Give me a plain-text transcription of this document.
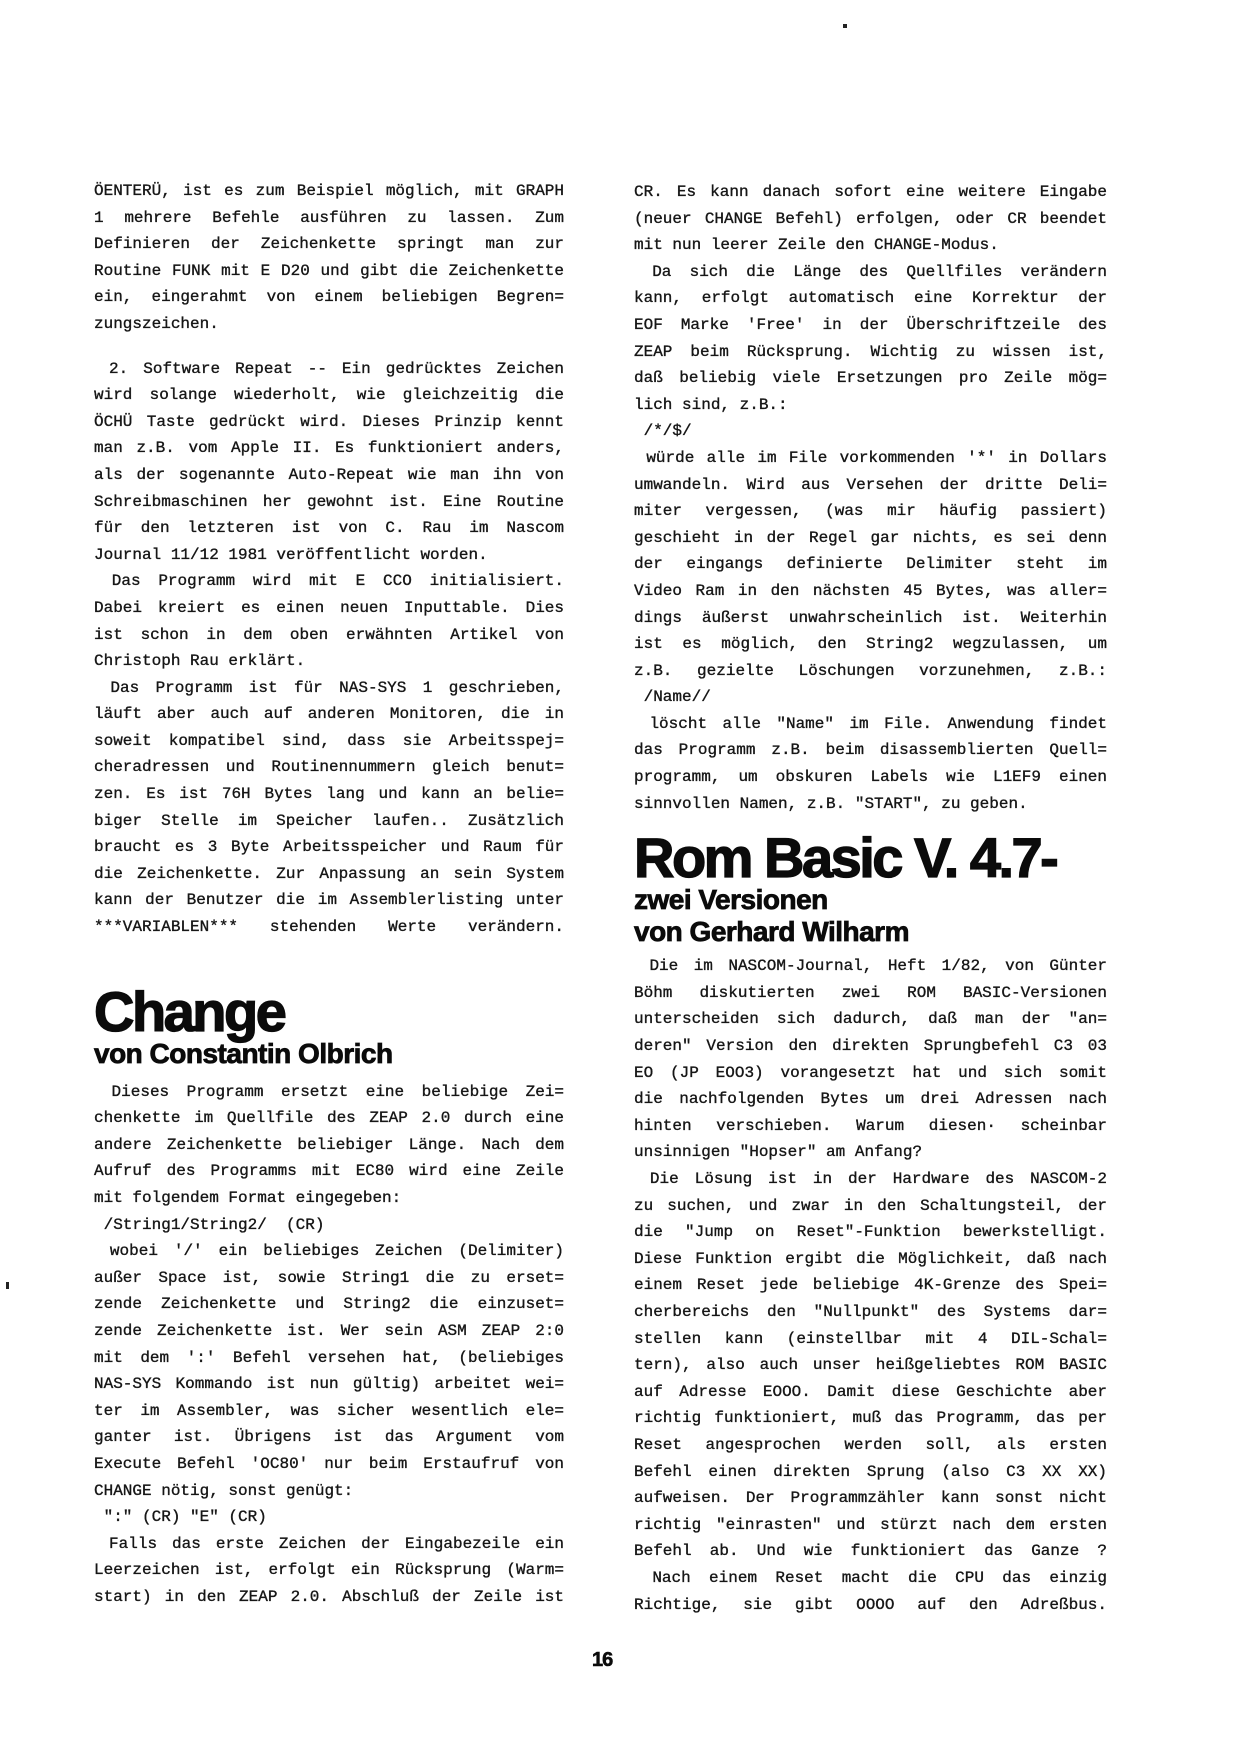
ÖENTERÜ, ist es zum Beispiel möglich, mit GRAPH
1 mehrere Befehle ausführen zu lassen. Zum
Definieren der Zeichenkette springt man zur
Routine FUNK mit E D20 und gibt die Zeichenkette
ein, eingerahmt von einem beliebigen Begren=
zungszeichen.
2. Software Repeat -- Ein gedrücktes Zeichen
wird solange wiederholt, wie gleichzeitig die
ÖCHÜ Taste gedrückt wird. Dieses Prinzip kennt
man z.B. vom Apple II. Es funktioniert anders,
als der sogenannte Auto-Repeat wie man ihn von
Schreibmaschinen her gewohnt ist. Eine Routine
für den letzteren ist von C. Rau im Nascom
Journal 11/12 1981 veröffentlicht worden.
Das Programm wird mit E CCO initialisiert.
Dabei kreiert es einen neuen Inputtable. Dies
ist schon in dem oben erwähnten Artikel von
Christoph Rau erklärt.
Das Programm ist für NAS-SYS 1 geschrieben,
läuft aber auch auf anderen Monitoren, die in
soweit kompatibel sind, dass sie Arbeitsspej=
cheradressen und Routinennummern gleich benut=
zen. Es ist 76H Bytes lang und kann an belie=
biger Stelle im Speicher laufen.. Zusätzlich
braucht es 3 Byte Arbeitsspeicher und Raum für
die Zeichenkette. Zur Anpassung an sein System
kann der Benutzer die im Assemblerlisting unter
***VARIABLEN*** stehenden Werte verändern.
Change
von Constantin Olbrich
Dieses Programm ersetzt eine beliebige Zei=
chenkette im Quellfile des ZEAP 2.0 durch eine
andere Zeichenkette beliebiger Länge. Nach dem
Aufruf des Programms mit EC80 wird eine Zeile
mit folgendem Format eingegeben:
/String1/String2/  (CR)
wobei '/' ein beliebiges Zeichen (Delimiter)
außer Space ist, sowie String1 die zu erset=
zende Zeichenkette und String2 die einzuset=
zende Zeichenkette ist. Wer sein ASM ZEAP 2:0
mit dem ':' Befehl versehen hat, (beliebiges
NAS-SYS Kommando ist nun gültig) arbeitet wei=
ter im Assembler, was sicher wesentlich ele=
ganter ist. Übrigens ist das Argument vom
Execute Befehl 'OC80' nur beim Erstaufruf von
CHANGE nötig, sonst genügt:
":" (CR) "E" (CR)
Falls das erste Zeichen der Eingabezeile ein
Leerzeichen ist, erfolgt ein Rücksprung (Warm=
start) in den ZEAP 2.0. Abschluß der Zeile ist
CR. Es kann danach sofort eine weitere Eingabe
(neuer CHANGE Befehl) erfolgen, oder CR beendet
mit nun leerer Zeile den CHANGE-Modus.
Da sich die Länge des Quellfiles verändern
kann, erfolgt automatisch eine Korrektur der
EOF Marke 'Free' in der Überschriftzeile des
ZEAP beim Rücksprung. Wichtig zu wissen ist,
daß beliebig viele Ersetzungen pro Zeile mög=
lich sind, z.B.:
/*/$/
würde alle im File vorkommenden '*' in Dollars
umwandeln. Wird aus Versehen der dritte Deli=
miter vergessen, (was mir häufig passiert)
geschieht in der Regel gar nichts, es sei denn
der eingangs definierte Delimiter steht im
Video Ram in den nächsten 45 Bytes, was aller=
dings äußerst unwahrscheinlich ist. Weiterhin
ist es möglich, den String2 wegzulassen, um
z.B. gezielte Löschungen vorzunehmen, z.B.:
/Name//
löscht alle "Name" im File. Anwendung findet
das Programm z.B. beim disassemblierten Quell=
programm, um obskuren Labels wie L1EF9 einen
sinnvollen Namen, z.B. "START", zu geben.
Rom Basic V. 4.7-
zwei Versionen
von Gerhard Wilharm
Die im NASCOM-Journal, Heft 1/82, von Günter
Böhm diskutierten zwei ROM BASIC-Versionen
unterscheiden sich dadurch, daß man der "an=
deren" Version den direkten Sprungbefehl C3 03
EO (JP EOO3) vorangesetzt hat und sich somit
die nachfolgenden Bytes um drei Adressen nach
hinten verschieben. Warum diesen· scheinbar
unsinnigen "Hopser" am Anfang?
Die Lösung ist in der Hardware des NASCOM-2
zu suchen, und zwar in den Schaltungsteil, der
die "Jump on Reset"-Funktion bewerkstelligt.
Diese Funktion ergibt die Möglichkeit, daß nach
einem Reset jede beliebige 4K-Grenze des Spei=
cherbereichs den "Nullpunkt" des Systems dar=
stellen kann (einstellbar mit 4 DIL-Schal=
tern), also auch unser heißgeliebtes ROM BASIC
auf Adresse EOOO. Damit diese Geschichte aber
richtig funktioniert, muß das Programm, das per
Reset angesprochen werden soll, als ersten
Befehl einen direkten Sprung (also C3 XX XX)
aufweisen. Der Programmzähler kann sonst nicht
richtig "einrasten" und stürzt nach dem ersten
Befehl ab. Und wie funktioniert das Ganze ?
Nach einem Reset macht die CPU das einzig
Richtige, sie gibt OOOO auf den Adreßbus.
16
